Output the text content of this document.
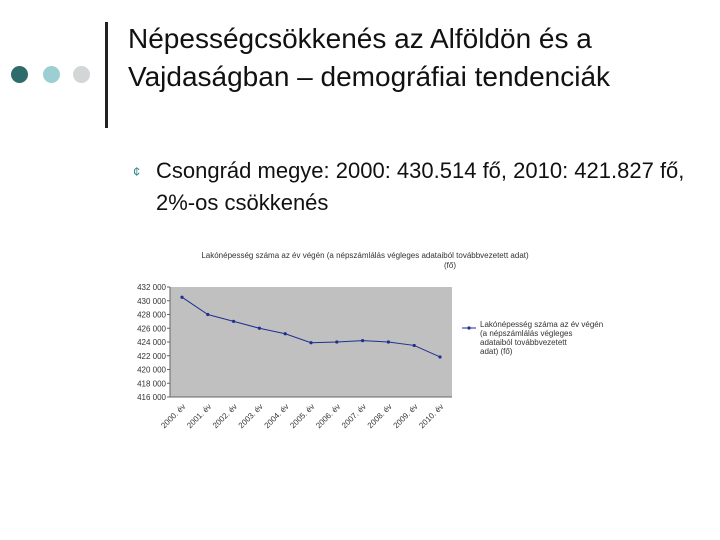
Népességcsökkenés az Alföldön és a Vajdaságban – demográfiai tendenciák
¢ Csongrád megye: 2000: 430.514 fő, 2010: 421.827 fő, 2%-os csökkenés
Lakónépesség száma az év végén (a népszámlálás végleges adataiból továbbvezetett adat) (fő)
432 000
430 000
428 000
426 000
424 000
422 000
420 000
418 000
416 000
2000. év
2001. év
2002. év
2003. év
2004. év
2005. év
2006. év
2007. év
2008. év
2009. év
2010. év
Lakónépesség száma az év végén (a népszámlálás végleges adataiból továbbvezetett adat) (fő)
